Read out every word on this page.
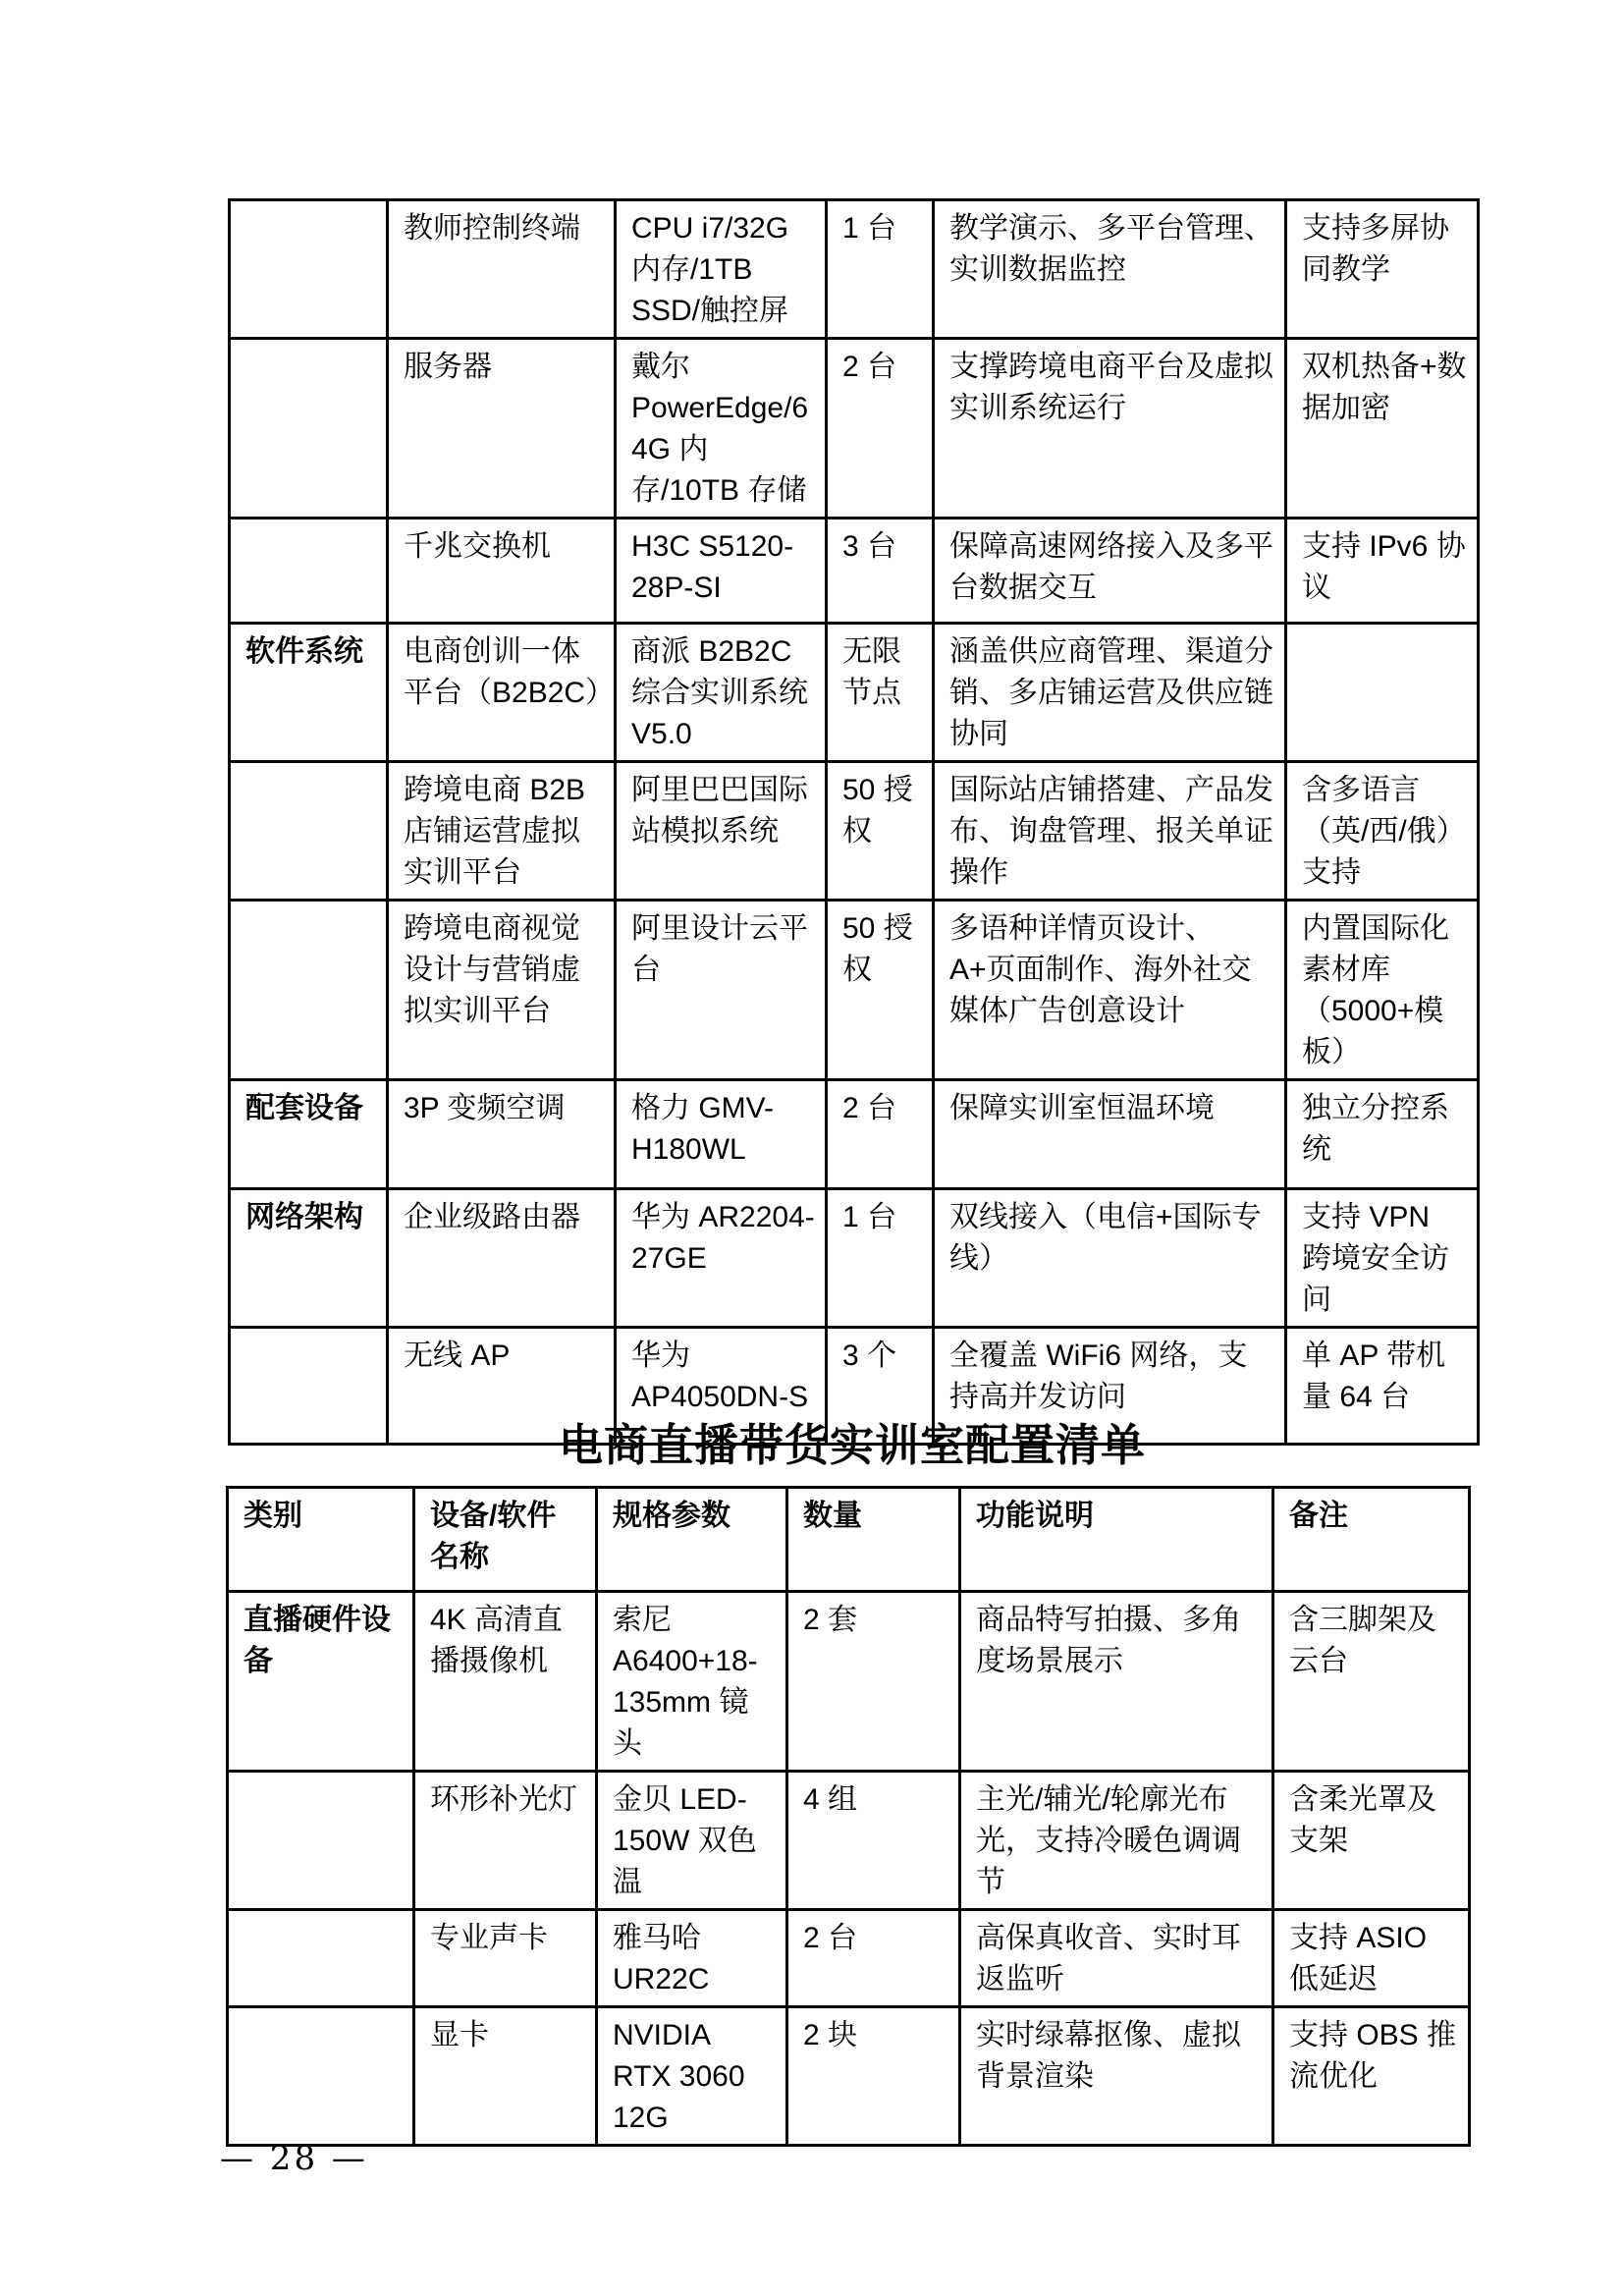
	教师控制终端	CPU i7/32G 内存/1TB SSD/触控屏	1 台	教学演示、多平台管理、实训数据监控	支持多屏协同教学
	服务器	戴尔 PowerEdge/64G 内存/10TB 存储	2 台	支撑跨境电商平台及虚拟实训系统运行	双机热备+数据加密
	千兆交换机	H3C S5120-28P-SI	3 台	保障高速网络接入及多平台数据交互	支持 IPv6 协议
软件系统	电商创训一体平台（B2B2C）	商派 B2B2C 综合实训系统 V5.0	无限节点	涵盖供应商管理、渠道分销、多店铺运营及供应链协同	
	跨境电商 B2B 店铺运营虚拟实训平台	阿里巴巴国际站模拟系统	50 授权	国际站店铺搭建、产品发布、询盘管理、报关单证操作	含多语言（英/西/俄）支持
	跨境电商视觉设计与营销虚拟实训平台	阿里设计云平台	50 授权	多语种详情页设计、A+页面制作、海外社交媒体广告创意设计	内置国际化素材库（5000+模板）
配套设备	3P 变频空调	格力 GMV-H180WL	2 台	保障实训室恒温环境	独立分控系统
网络架构	企业级路由器	华为 AR2204-27GE	1 台	双线接入（电信+国际专线）	支持 VPN 跨境安全访问
	无线 AP	华为 AP4050DN-S	3 个	全覆盖 WiFi6 网络，支持高并发访问	单 AP 带机量 64 台
电商直播带货实训室配置清单
类别	设备/软件名称	规格参数	数量	功能说明	备注
直播硬件设备	4K 高清直播摄像机	索尼 A6400+18-135mm 镜头	2 套	商品特写拍摄、多角度场景展示	含三脚架及云台
	环形补光灯	金贝 LED-150W 双色温	4 组	主光/辅光/轮廓光布光，支持冷暖色调调节	含柔光罩及支架
	专业声卡	雅马哈 UR22C	2 台	高保真收音、实时耳返监听	支持 ASIO 低延迟
	显卡	NVIDIA RTX 3060 12G	2 块	实时绿幕抠像、虚拟背景渲染	支持 OBS 推流优化
— 28 —
